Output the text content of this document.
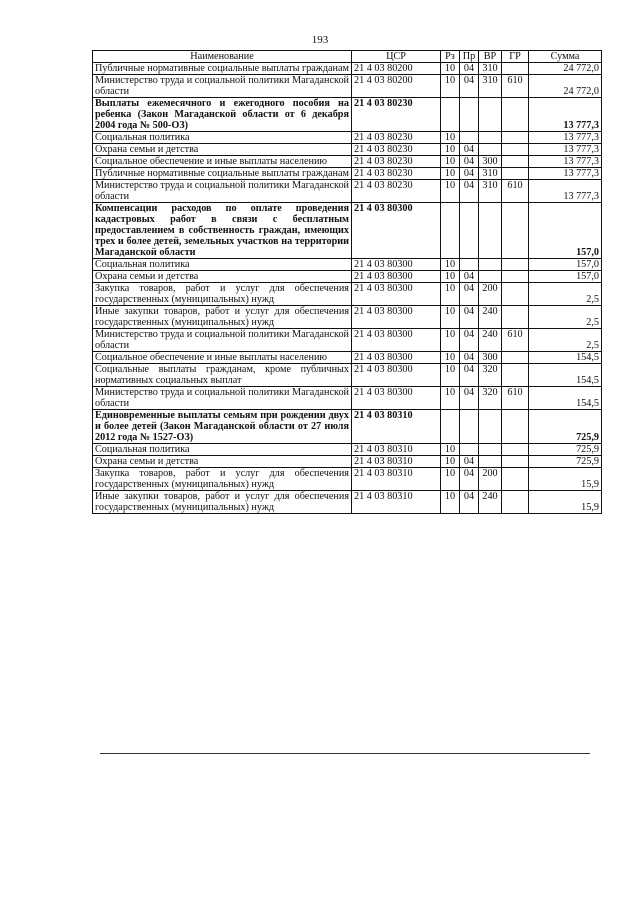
193
Наименование	ЦСР	Рз	Пр	ВР	ГР	Сумма
Публичные нормативные социальные выплаты гражданам	21 4 03 80200	10	04	310		24 772,0
Министерство труда и социальной политики Магаданской области	21 4 03 80200	10	04	310	610	24 772,0
Выплаты ежемесячного и ежегодного пособия на ребенка (Закон Магаданской области от 6 декабря 2004 года № 500-ОЗ)	21 4 03 80230					13 777,3
Социальная политика	21 4 03 80230	10				13 777,3
Охрана семьи и детства	21 4 03 80230	10	04			13 777,3
Социальное обеспечение и иные выплаты населению	21 4 03 80230	10	04	300		13 777,3
Публичные нормативные социальные выплаты гражданам	21 4 03 80230	10	04	310		13 777,3
Министерство труда и социальной политики Магаданской области	21 4 03 80230	10	04	310	610	13 777,3
Компенсации расходов по оплате проведения кадастровых работ в связи с бесплатным предоставлением в собственность граждан, имеющих трех и более детей, земельных участков на территории Магаданской области	21 4 03 80300					157,0
Социальная политика	21 4 03 80300	10				157,0
Охрана семьи и детства	21 4 03 80300	10	04			157,0
Закупка товаров, работ и услуг для обеспечения государственных (муниципальных) нужд	21 4 03 80300	10	04	200		2,5
Иные закупки товаров, работ и услуг для обеспечения государственных (муниципальных) нужд	21 4 03 80300	10	04	240		2,5
Министерство труда и социальной политики Магаданской области	21 4 03 80300	10	04	240	610	2,5
Социальное обеспечение и иные выплаты населению	21 4 03 80300	10	04	300		154,5
Социальные выплаты гражданам, кроме публичных нормативных социальных выплат	21 4 03 80300	10	04	320		154,5
Министерство труда и социальной политики Магаданской области	21 4 03 80300	10	04	320	610	154,5
Единовременные выплаты семьям при рождении двух и более детей (Закон Магаданской области от 27 июля 2012 года № 1527-ОЗ)	21 4 03 80310					725,9
Социальная политика	21 4 03 80310	10				725,9
Охрана семьи и детства	21 4 03 80310	10	04			725,9
Закупка товаров, работ и услуг для обеспечения государственных (муниципальных) нужд	21 4 03 80310	10	04	200		15,9
Иные закупки товаров, работ и услуг для обеспечения государственных (муниципальных) нужд	21 4 03 80310	10	04	240		15,9
